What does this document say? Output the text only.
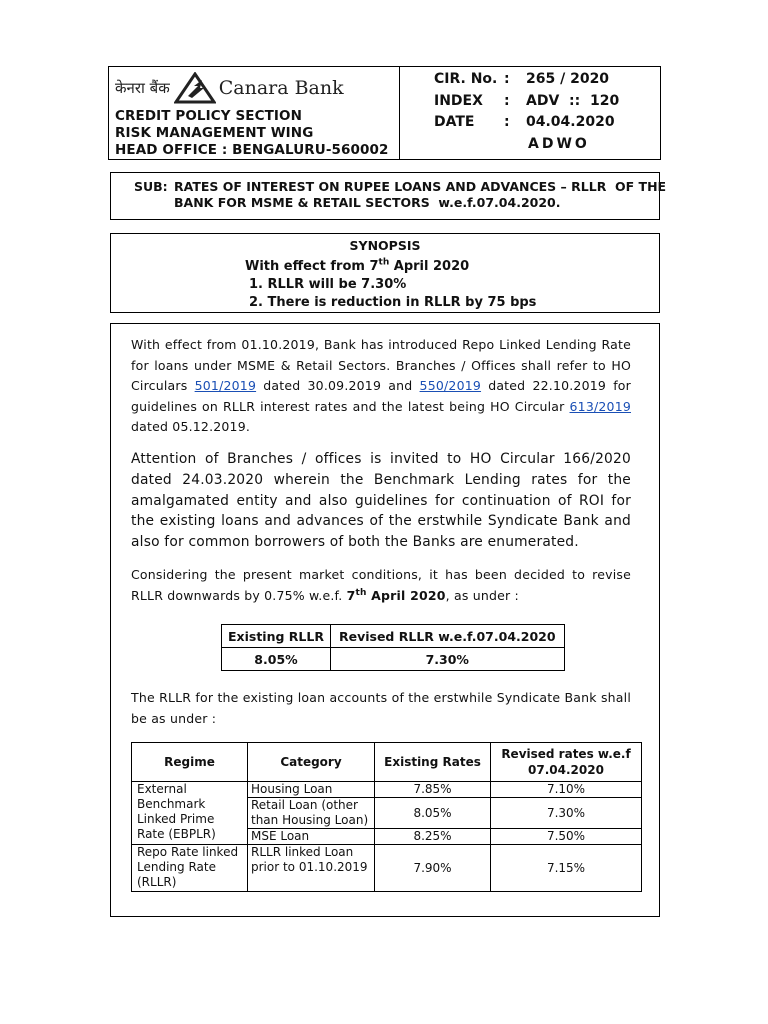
केनरा बैंक	Canara Bank
CREDIT POLICY SECTION
RISK MANAGEMENT WING
HEAD OFFICE : BENGALURU-560002
CIR. No. : 265 / 2020
INDEX : ADV  ::  120
DATE : 04.04.2020
ADWO
SUB: RATES OF INTEREST ON RUPEE LOANS AND ADVANCES – RLLR  OF THE
BANK FOR MSME & RETAIL SECTORS  w.e.f.07.04.2020.
SYNOPSIS
With effect from 7th April 2020
1. RLLR will be 7.30%
2. There is reduction in RLLR by 75 bps
With effect from 01.10.2019, Bank has introduced Repo Linked Lending Rate for loans under MSME & Retail Sectors. Branches / Offices shall refer to HO Circulars 501/2019 dated 30.09.2019 and 550/2019 dated 22.10.2019 for guidelines on RLLR interest rates and the latest being HO Circular 613/2019 dated 05.12.2019.
Attention of Branches / offices is invited to HO Circular 166/2020 dated 24.03.2020 wherein the Benchmark Lending rates for the amalgamated entity and also guidelines for continuation of ROI for the existing loans and advances of the erstwhile Syndicate Bank and also for common borrowers of both the Banks are enumerated.
Considering the present market conditions, it has been decided to revise RLLR downwards by 0.75% w.e.f. 7th April 2020, as under :
Existing RLLR	Revised RLLR w.e.f.07.04.2020
8.05%	7.30%
The RLLR for the existing loan accounts of the erstwhile Syndicate Bank shall be as under :
Regime	Category	Existing Rates	Revised rates w.e.f 07.04.2020
External Benchmark Linked Prime Rate (EBPLR)	Housing Loan	7.85%	7.10%
	Retail Loan (other than Housing Loan)	8.05%	7.30%
	MSE Loan	8.25%	7.50%
Repo Rate linked Lending Rate (RLLR)	RLLR linked Loan prior to 01.10.2019	7.90%	7.15%
